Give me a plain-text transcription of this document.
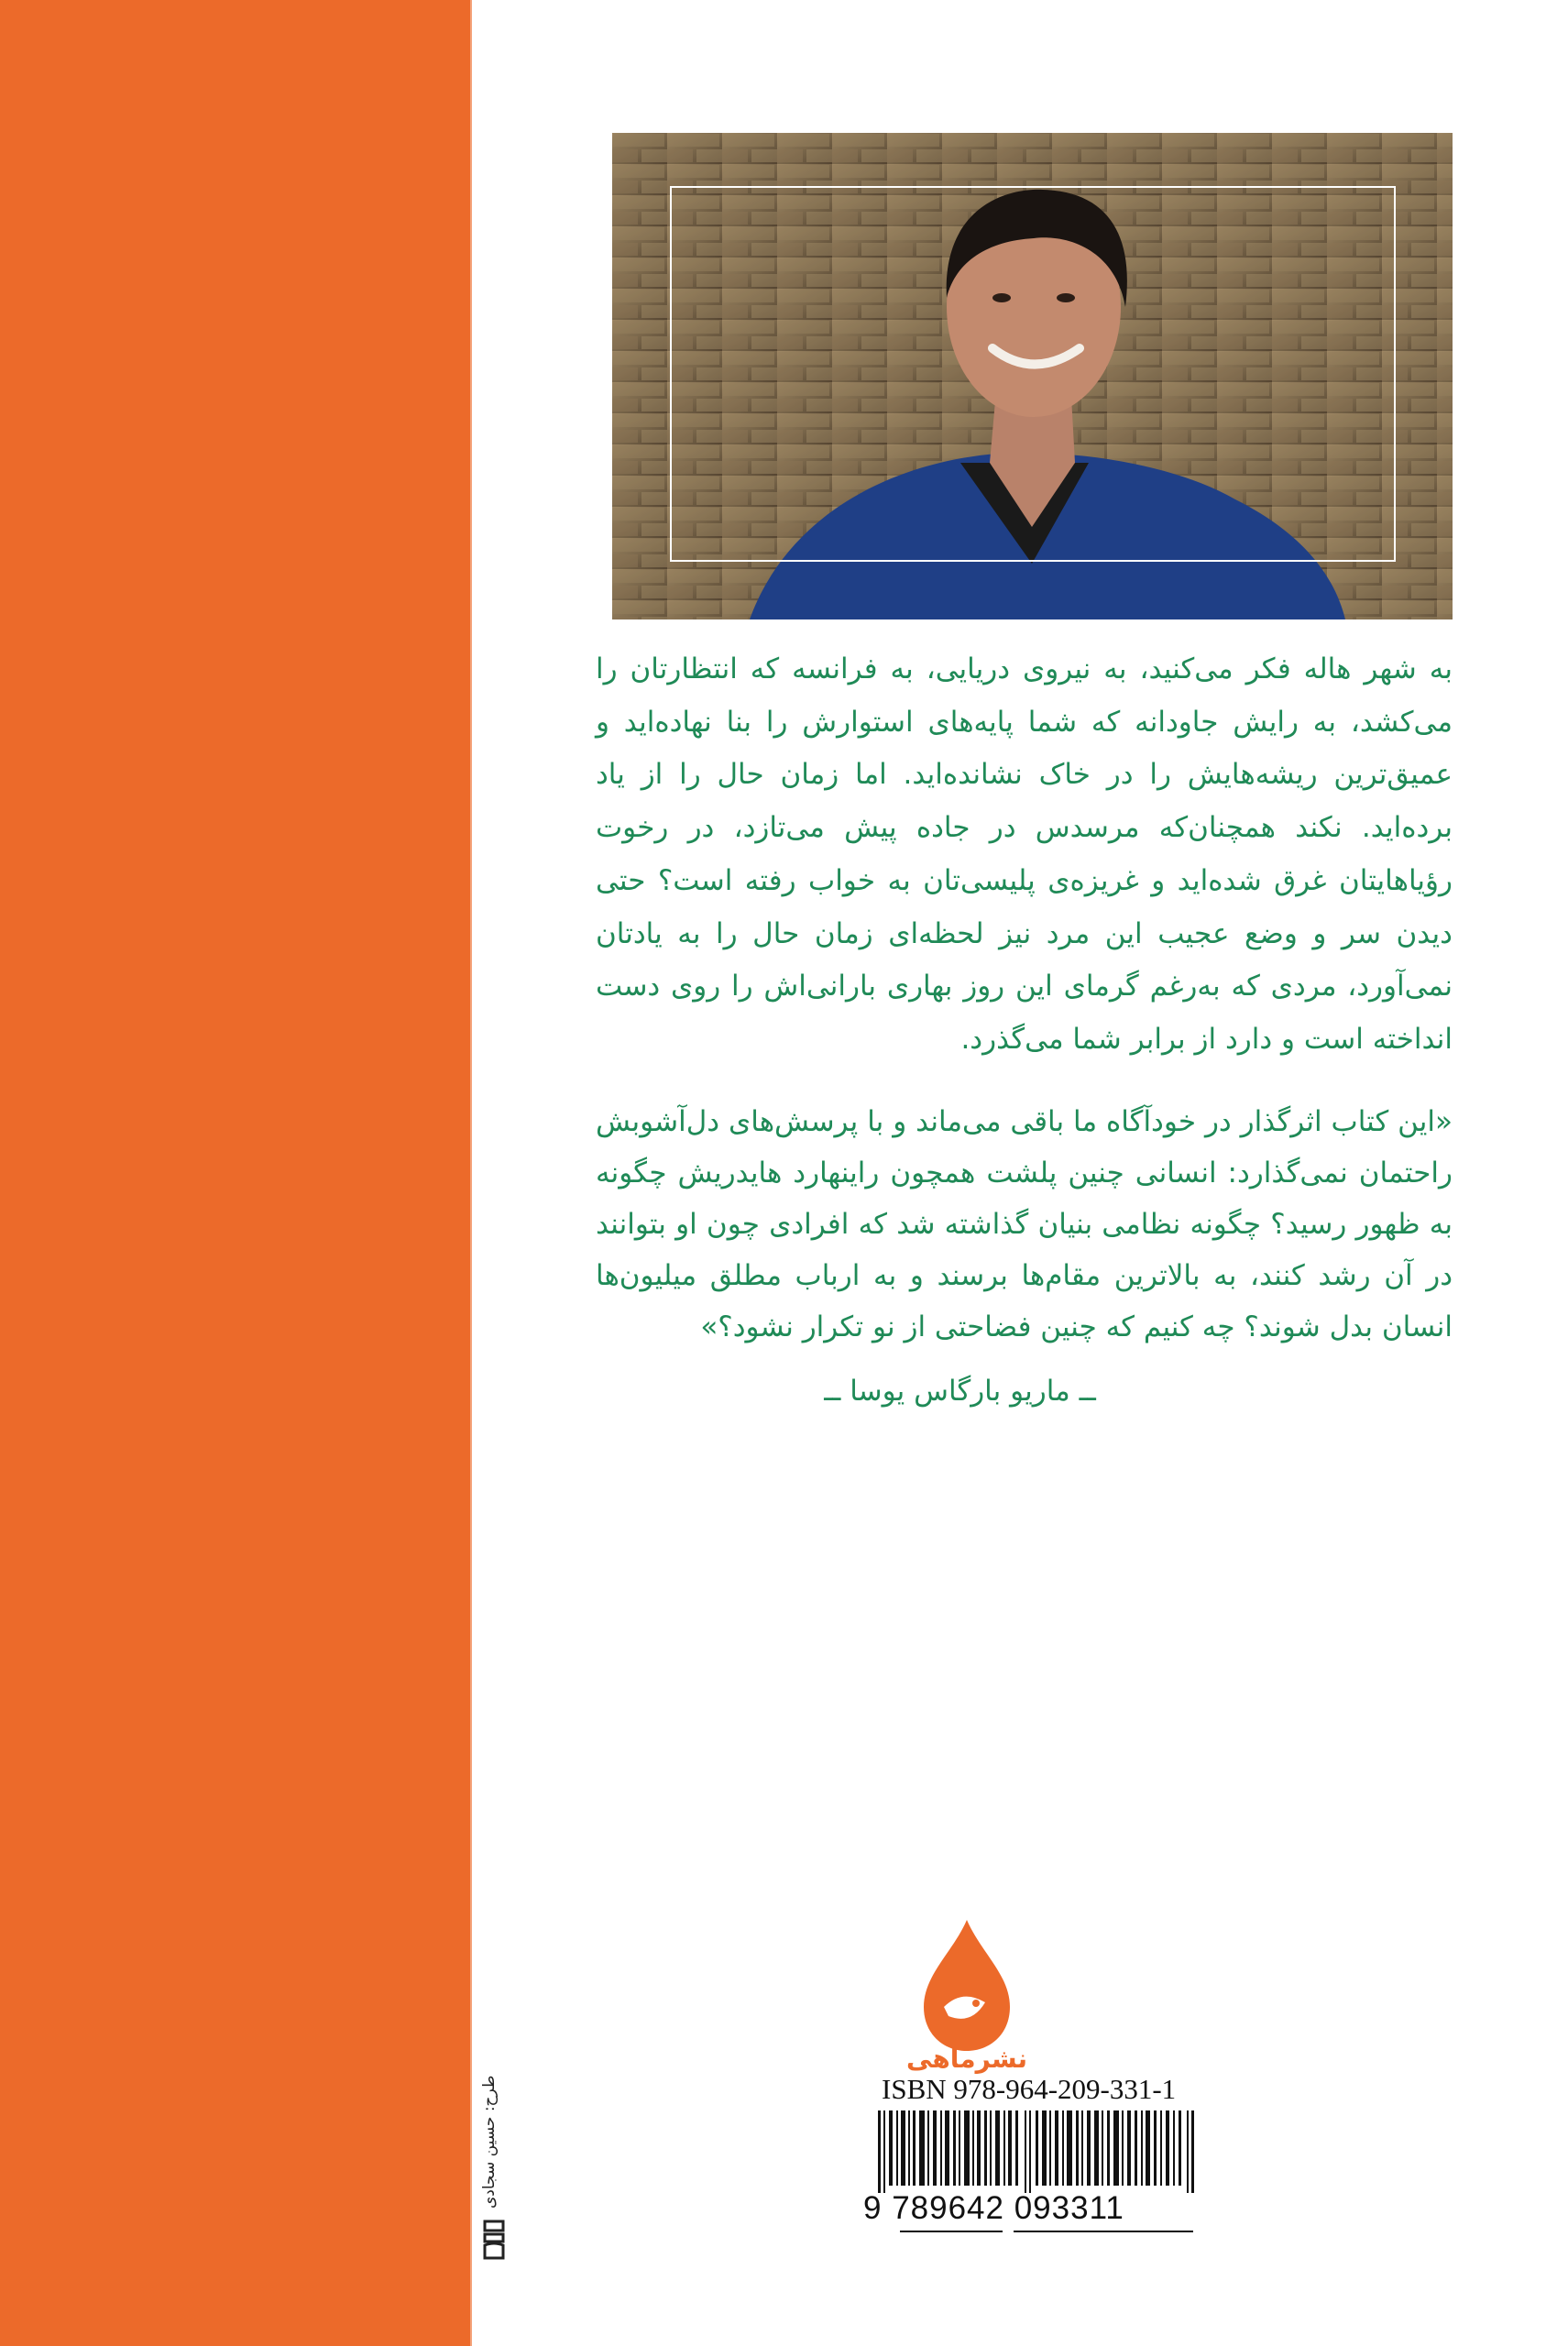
طرح: حسین سجادی
به شهر هاله فکر می‌کنید، به نیروی دریایی، به فرانسه که انتظارتان را می‌کشد، به رایش جاودانه که شما پایه‌های استوارش را بنا نهاده‌اید و عمیق‌ترین ریشه‌هایش را در خاک نشانده‌اید. اما زمان حال را از یاد برده‌اید. نکند همچنان‌که مرسدس در جاده پیش می‌تازد، در رخوت رؤیاهایتان غرق شده‌اید و غریزه‌ی پلیسی‌تان به خواب رفته است؟ حتی دیدن سر و وضع عجیب این مرد نیز لحظه‌ای زمان حال را به یادتان نمی‌آورد، مردی که به‌رغم گرمای این روز بهاری بارانی‌اش را روی دست انداخته است و دارد از برابر شما می‌گذرد.
«این کتاب اثرگذار در خودآگاه ما باقی می‌ماند و با پرسش‌های دل‌آشوبش راحتمان نمی‌گذارد: انسانی چنین پلشت همچون راینهارد هایدریش چگونه به ظهور رسید؟ چگونه نظامی بنیان گذاشته شد که افرادی چون او بتوانند در آن رشد کنند، به بالاترین مقام‌ها برسند و به ارباب مطلق میلیون‌ها انسان بدل شوند؟ چه کنیم که چنین فضاحتی از نو تکرار نشود؟»
ــ ماریو بارگاس یوسا ــ
نشرماهی
ISBN 978-964-209-331-1
9 789642 093311
